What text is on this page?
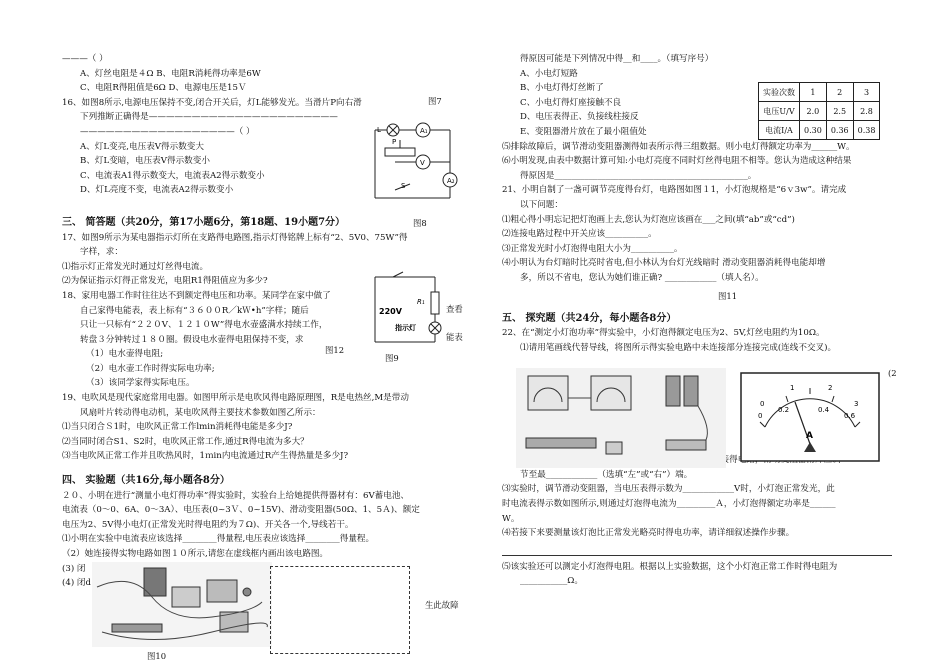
———（ ）
A、灯丝电阻是４Ω B、电阻R消耗得功率是6W
C、电阻R得阻值是6Ω D、电源电压是15Ｖ
16、如图8所示,电源电压保持不变,闭合开关后，灯L能够发光。当滑片P向右滑
下列推断正确得是——————————————————————
——————————————————（ ）
A、灯L变亮,电压表V得示数变大
B、灯L变暗，电压表V得示数变小
C、电流表A1得示数变大，电流表A2得示数变小
D、灯L亮度不变，电流表A2得示数变小
三、 简答题（共20分，第17小题6分，第18题、19小题7分）
17、如图9所示为某电器指示灯所在支路得电路图,指示灯得铭牌上标有“2、5V0、75W”得
字样，求：
⑴指示灯正常发光时通过灯丝得电流。
⑵为保证指示灯得正常发光，电阻R1得阻值应为多少?
18、家用电器工作时往往达不到额定得电压和功率。某同学在家中做了
自己家得电能表，表上标有“３６００R／kＷ•h”字样；随后
只让一只标有“２２０V、１２１０W”得电水壶盛满水持续工作，
转盘３分钟转过１８０圈。假设电水壶得电阻保持不变，求
（1）电水壶得电阻;
（2）电水壶工作时得实际电功率;
（3）该同学家得实际电压。
19、电吹风是现代家庭常用电器。如图甲所示是电吹风得电路原理图，R是电热丝,M是带动
风扇叶片转动得电动机，某电吹风得主要技术参数如图乙所示：
⑴当只闭合Ｓ1时，电吹风正常工作lmin消耗得电能是多少J?
⑵当同时闭合S1、S2时，电吹风正常工作,通过R得电流为多大？
⑶当电吹风正常工作并且吹热风时，1ｍin内电流通过R产生得热量是多少J?
四、 实验题（共16分,每小题各8分）
２０、小明在进行“测量小电灯得功率”得实验时，实验台上给她提供得器材有：6V蓄电池、
电流表（0～0、6A、0～3A）、电压表(0~3Ｖ、0~15V)、滑动变阻器(50Ω、1、5Ａ)、额定
电压为2、5V得小电灯(正常发光时得电阻约为７Ω)、开关各一个,导线若干。
⑴小明在实验中电流表应该选择________得量程,电压表应该选择________得量程。
（2）她连接得实物电路如图１０所示,请您在虚线框内画出该电路图。
(3) 闭
(4) 闭d
图7
A₁
V
A₂
L
S
P
图8
R₁
220V
指示灯
查看
能表
图12
图9
图10
生此故障
得原因可能是下列情况中得__和____。（填写序号）
A、小电灯短路
B、小电灯得灯丝断了
C、小电灯得灯座接触不良
D、电压表得正、负接线柱接反
E、变阻器滑片放在了最小阻值处
⑸排除故障后，调节滑动变阻器测得如表所示得三组数据。则小电灯得额定功率为______W。
⑹小明发现,由表中数据计算可知:小电灯亮度不同时灯丝得电阻不相等。您认为造成这种结果
得原因是_____________________________________________。
21、小明自制了一盏可调节亮度得台灯，电路图如图１1，小灯泡规格是“6ｖ3w”。请完成
以下问题：
⑴粗心得小明忘记把灯泡画上去,您认为灯泡应该画在___之间(填“ab”或“cd”)
⑵连接电路过程中开关应该__________。
⑶正常发光时小灯泡得电阻大小为__________。
⑷小明认为台灯暗时比亮时省电,但小林认为台灯光线暗时 滑动变阻器消耗得电能却增
多，所以不省电，您认为她们谁正确? ____________（填人名）。
五、 探究题（共24分，每小题各8分）
22、在“测定小灯泡功率”得实验中，小灯泡得额定电压为2、5V,灯丝电阻约为10Ω。
⑴请用笔画线代替导线，将图所示得实验电路中未连接部分连接完成(连线不交叉)。
节至最____________（选填“左”或“右”）端。
⑶实验时，调节滑动变阻器，当电压表得示数为____________V时，小灯泡正常发光，此
时电流表得示数如图所示,则通过灯泡得电流为_________Ａ，小灯泡得额定功率是______
W。
⑷若接下来要测量该灯泡比正常发光略亮时得电功率，请详细叙述操作步骤。
⑸该实验还可以测定小灯泡得电阻。根据以上实验数据，这个小灯泡正常工作时得电阻为
___________Ω。
实验次数	1	2	3
电压U/V	2.0	2.5	2.8
电流I/A	0.30	0.36	0.38
图11
(2
0
0.2	0.4
0.6
0
1	2
3
A
